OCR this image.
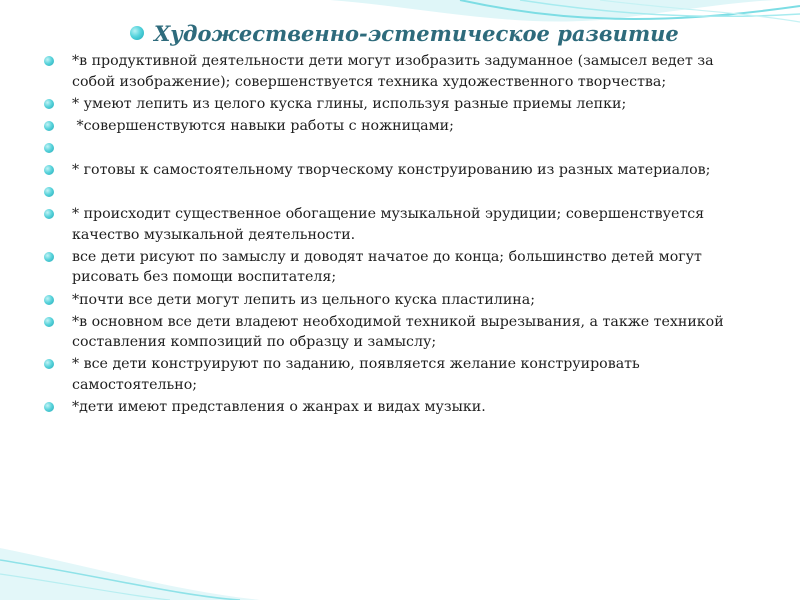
Художественно-эстетическое развитие
*в продуктивной деятельности дети могут изобразить задуманное (замысел ведет за собой изображение); совершенствуется техника художественного творчества;
* умеют лепить из целого куска глины, используя разные приемы лепки;
*совершенствуются навыки работы с ножницами;
* готовы к самостоятельному творческому конструированию из разных материалов;
* происходит существенное обогащение музыкальной эрудиции; совершенствуется качество музыкальной деятельности.
все дети рисуют по замыслу и доводят начатое до конца; большинство детей могут рисовать без помощи воспитателя;
*почти все дети могут лепить из цельного куска пластилина;
*в основном все дети владеют необходимой техникой вырезывания, а также техникой составления композиций по образцу и замыслу;
* все дети конструируют по заданию, появляется желание конструировать самостоятельно;
*дети имеют представления о жанрах и видах музыки.
